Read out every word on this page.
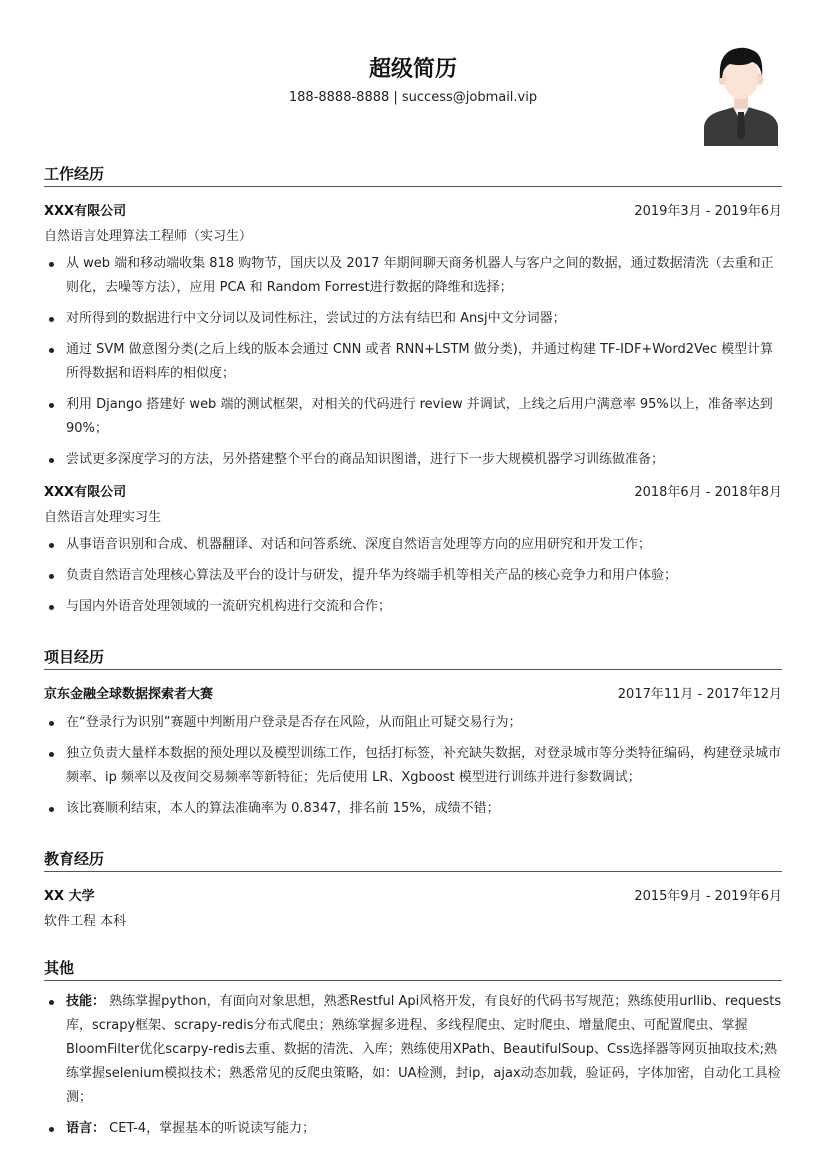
超级简历
188-8888-8888 | success@jobmail.vip
工作经历
XXX有限公司	2019年3月 - 2019年6月
自然语言处理算法工程师（实习生）
从 web 端和移动端收集 818 购物节，国庆以及 2017 年期间聊天商务机器人与客户之间的数据，通过数据清洗（去重和正则化，去噪等方法），应用 PCA 和 Random Forrest进行数据的降维和选择；
对所得到的数据进行中文分词以及词性标注，尝试过的方法有结巴和 Ansj中文分词器；
通过 SVM 做意图分类(之后上线的版本会通过 CNN 或者 RNN+LSTM 做分类)，并通过构建 TF-IDF+Word2Vec 模型计算所得数据和语料库的相似度；
利用 Django 搭建好 web 端的测试框架，对相关的代码进行 review 并调试，上线之后用户满意率 95%以上，准备率达到 90%；
尝试更多深度学习的方法，另外搭建整个平台的商品知识图谱，进行下一步大规模机器学习训练做准备；
XXX有限公司	2018年6月 - 2018年8月
自然语言处理实习生
从事语音识别和合成、机器翻译、对话和问答系统、深度自然语言处理等方向的应用研究和开发工作；
负责自然语言处理核心算法及平台的设计与研发，提升华为终端手机等相关产品的核心竞争力和用户体验；
与国内外语音处理领域的一流研究机构进行交流和合作；
项目经历
京东金融全球数据探索者大赛	2017年11月 - 2017年12月
在“登录行为识别”赛题中判断用户登录是否存在风险，从而阻止可疑交易行为；
独立负责大量样本数据的预处理以及模型训练工作，包括打标签，补充缺失数据，对登录城市等分类特征编码，构建登录城市频率、ip 频率以及夜间交易频率等新特征；先后使用 LR、Xgboost 模型进行训练并进行参数调试；
该比赛顺利结束，本人的算法准确率为 0.8347，排名前 15%，成绩不错；
教育经历
XX 大学	2015年9月 - 2019年6月
软件工程 本科
其他
技能： 熟练掌握python，有面向对象思想，熟悉Restful Api风格开发，有良好的代码书写规范；熟练使用urllib、requests库，scrapy框架、scrapy-redis分布式爬虫；熟练掌握多进程、多线程爬虫、定时爬虫、增量爬虫、可配置爬虫、掌握BloomFilter优化scarpy-redis去重、数据的清洗、入库；熟练使用XPath、BeautifulSoup、Css选择器等网页抽取技术;熟练掌握selenium模拟技术；熟悉常见的反爬虫策略，如：UA检测，封ip，ajax动态加载，验证码，字体加密，自动化工具检测；
语言： CET-4，掌握基本的听说读写能力；
